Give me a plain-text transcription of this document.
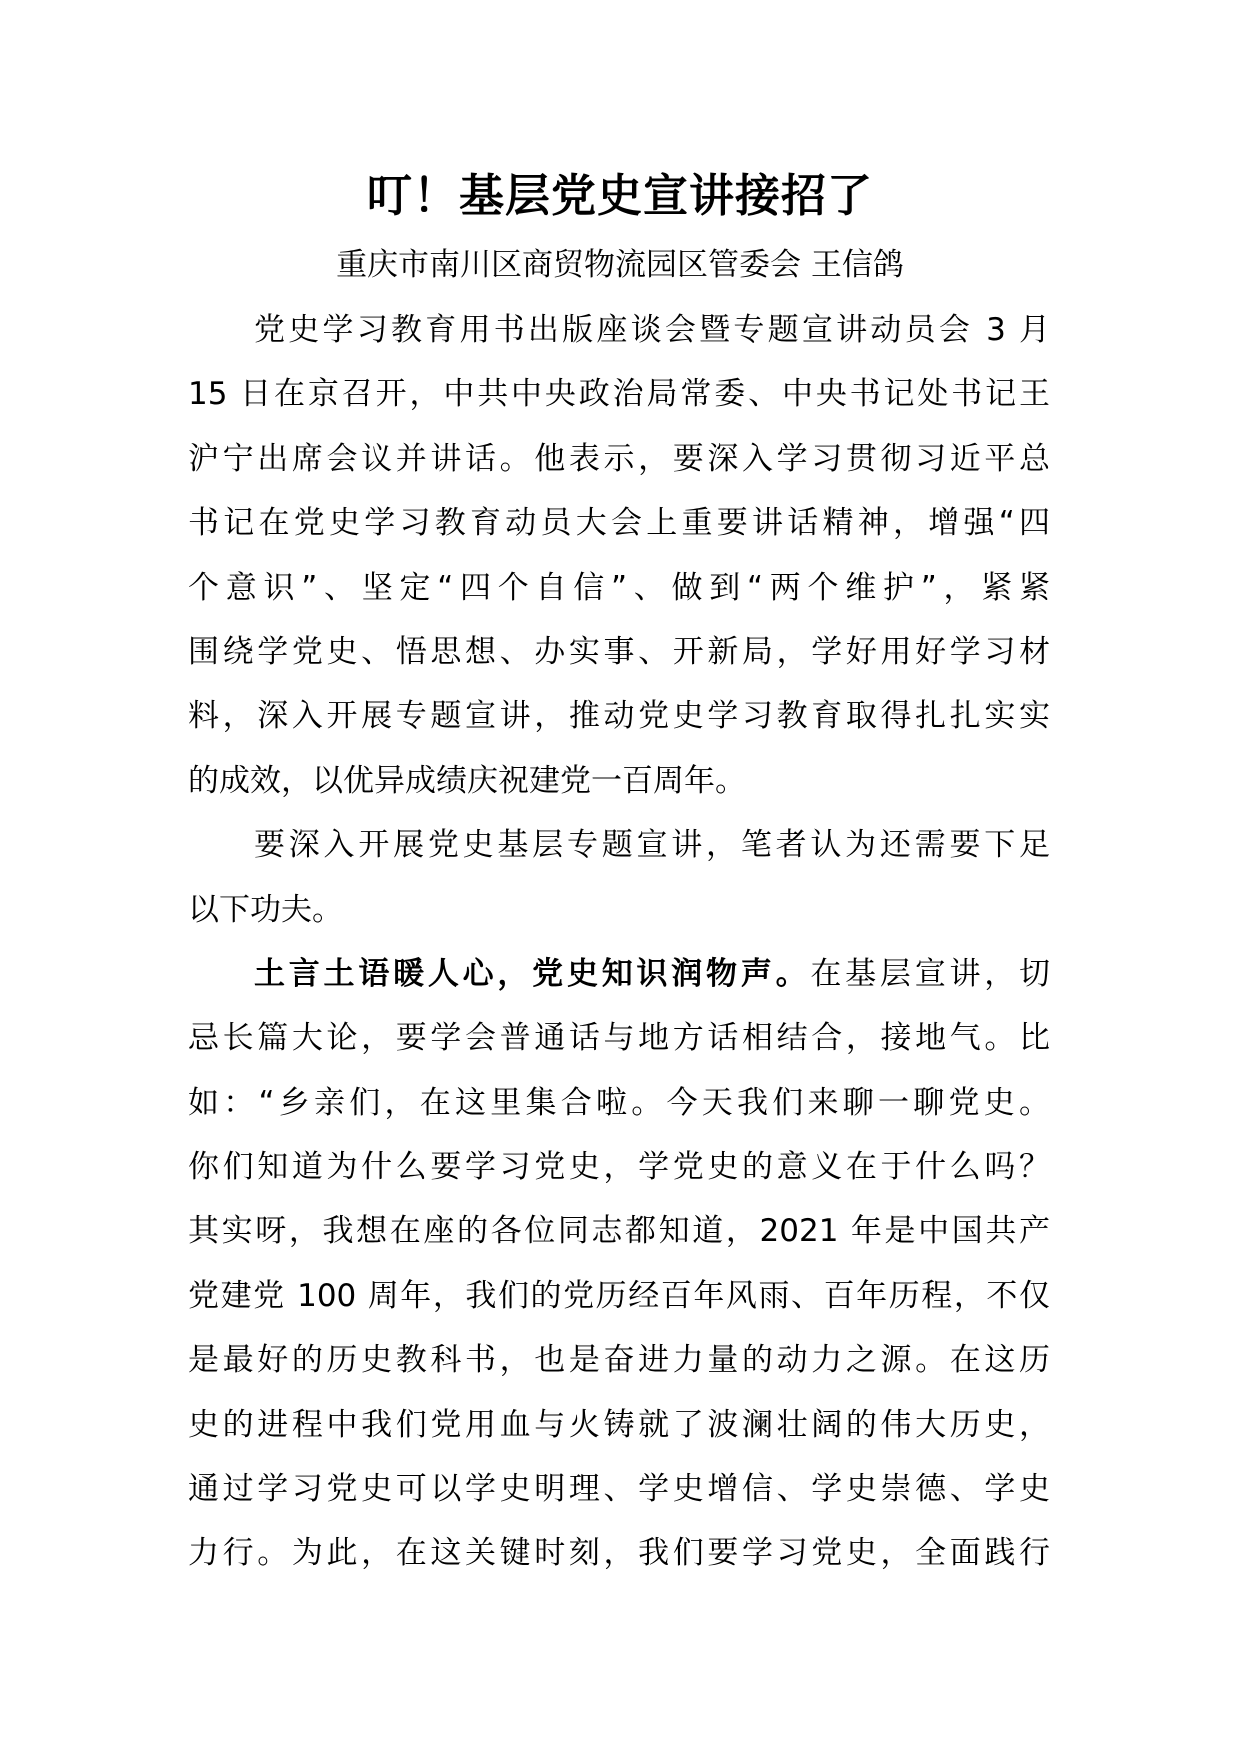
叮！基层党史宣讲接招了

重庆市南川区商贸物流园区管委会 王信鸽

党史学习教育用书出版座谈会暨专题宣讲动员会 3 月
15 日在京召开，中共中央政治局常委、中央书记处书记王
沪宁出席会议并讲话。他表示，要深入学习贯彻习近平总
书记在党史学习教育动员大会上重要讲话精神，增强“四
个意识”、坚定“四个自信”、做到“两个维护”，紧紧
围绕学党史、悟思想、办实事、开新局，学好用好学习材
料，深入开展专题宣讲，推动党史学习教育取得扎扎实实
的成效，以优异成绩庆祝建党一百周年。
要深入开展党史基层专题宣讲，笔者认为还需要下足
以下功夫。
土言土语暖人心，党史知识润物声。在基层宣讲，切
忌长篇大论，要学会普通话与地方话相结合，接地气。比
如：“乡亲们，在这里集合啦。今天我们来聊一聊党史。
你们知道为什么要学习党史，学党史的意义在于什么吗？
其实呀，我想在座的各位同志都知道，2021 年是中国共产
党建党 100 周年，我们的党历经百年风雨、百年历程，不仅
是最好的历史教科书，也是奋进力量的动力之源。在这历
史的进程中我们党用血与火铸就了波澜壮阔的伟大历史，
通过学习党史可以学史明理、学史增信、学史崇德、学史
力行。为此，在这关键时刻，我们要学习党史，全面践行
